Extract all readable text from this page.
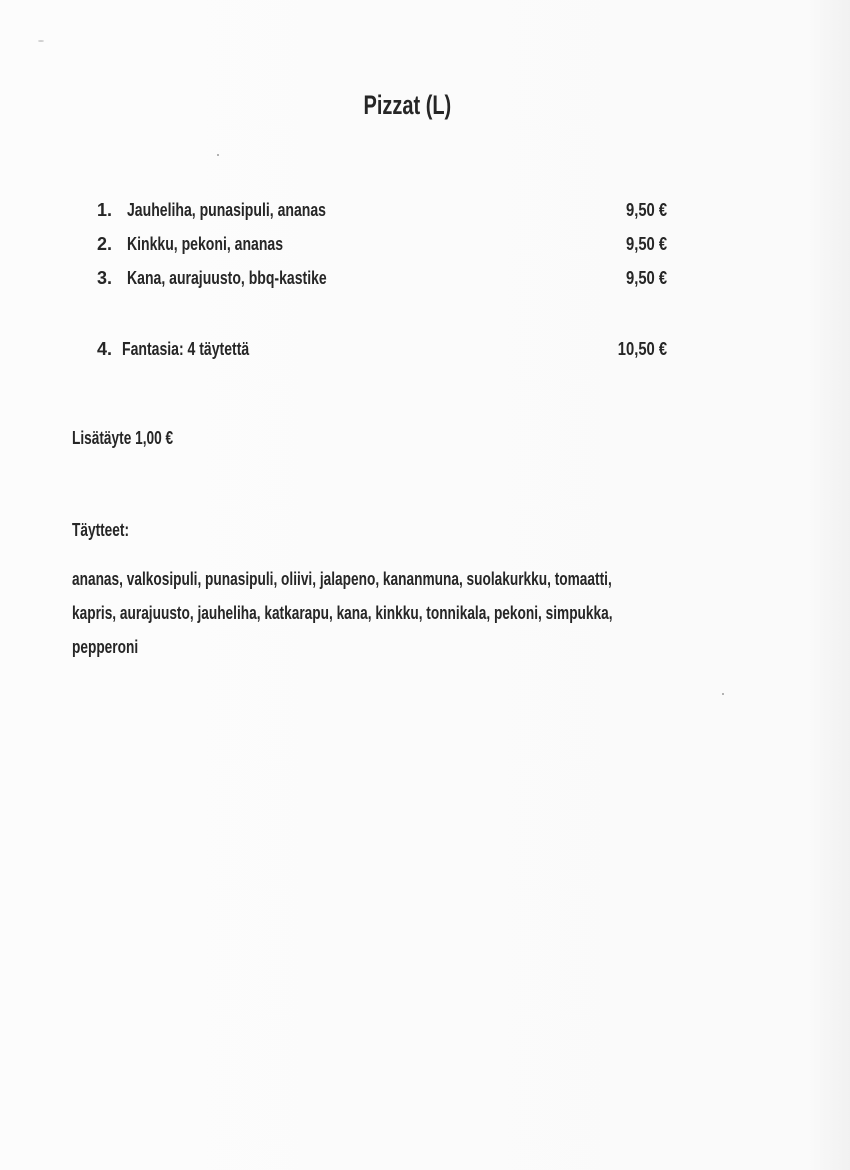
Pizzat (L)
1. Jauheliha, punasipuli, ananas	9,50 €
2. Kinkku, pekoni, ananas	9,50 €
3. Kana, aurajuusto, bbq-kastike	9,50 €
4. Fantasia: 4 täytettä	10,50 €
Lisätäyte 1,00 €
Täytteet:
ananas, valkosipuli, punasipuli, oliivi, jalapeno, kananmuna, suolakurkku, tomaatti,
kapris, aurajuusto, jauheliha, katkarapu, kana, kinkku, tonnikala, pekoni, simpukka,
pepperoni
